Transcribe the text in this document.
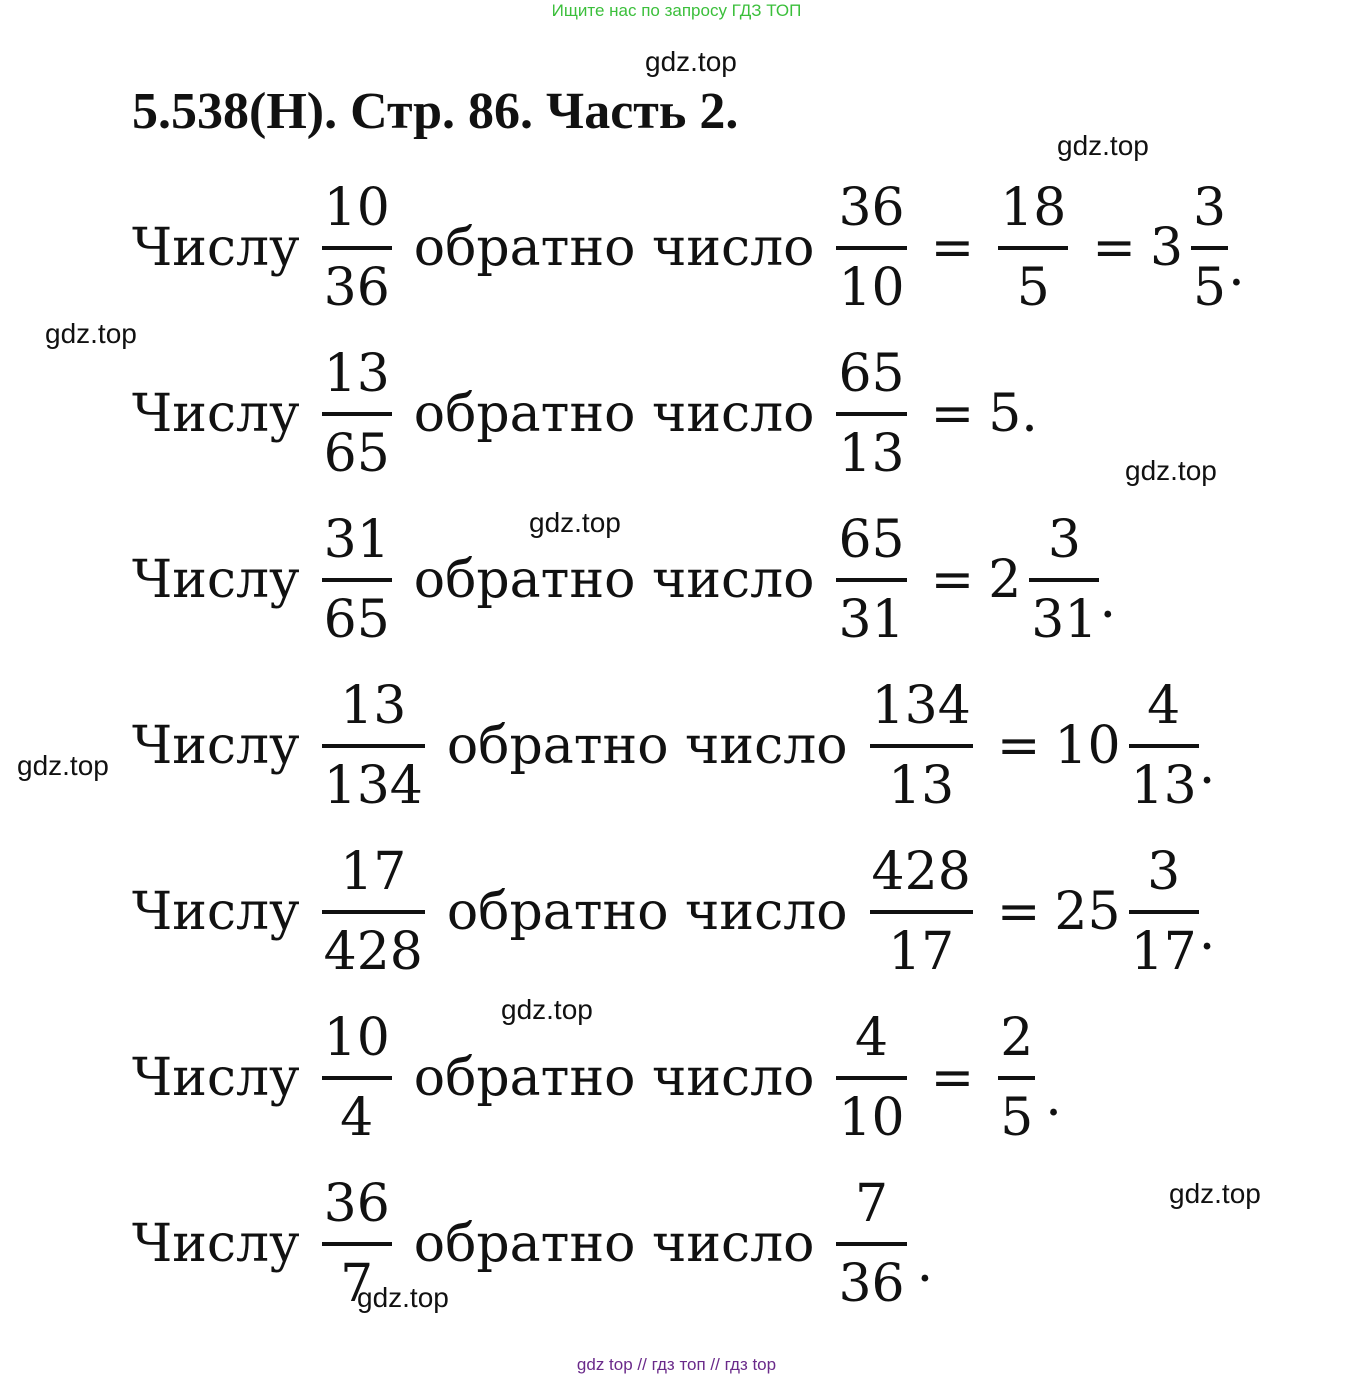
Ищите нас по запросу ГДЗ ТОП
5.538(Н). Стр. 86. Часть 2.
Числу $\frac{10}{36}$ обратно число $\frac{36}{10} = \frac{18}{5} = 3 \frac{3}{5}$ .
Числу $\frac{13}{65}$ обратно число $\frac{65}{13} = 5$ .
Числу $\frac{31}{65}$ обратно число $\frac{65}{31} = 2 \frac{3}{31}$ .
Числу $\frac{13}{134}$ обратно число $\frac{134}{13} = 10 \frac{4}{13}$ .
Числу $\frac{17}{428}$ обратно число $\frac{428}{17} = 25 \frac{3}{17}$ .
Числу $\frac{10}{4}$ обратно число $\frac{4}{10} = \frac{2}{5}$ .
Числу $\frac{36}{7}$ обратно число $\frac{7}{36}$ .
gdz.top
gdz.top
gdz.top
gdz.top
gdz.top
gdz.top
gdz.top
gdz.top
gdz.top
gdz top // гдз топ // гдз top
